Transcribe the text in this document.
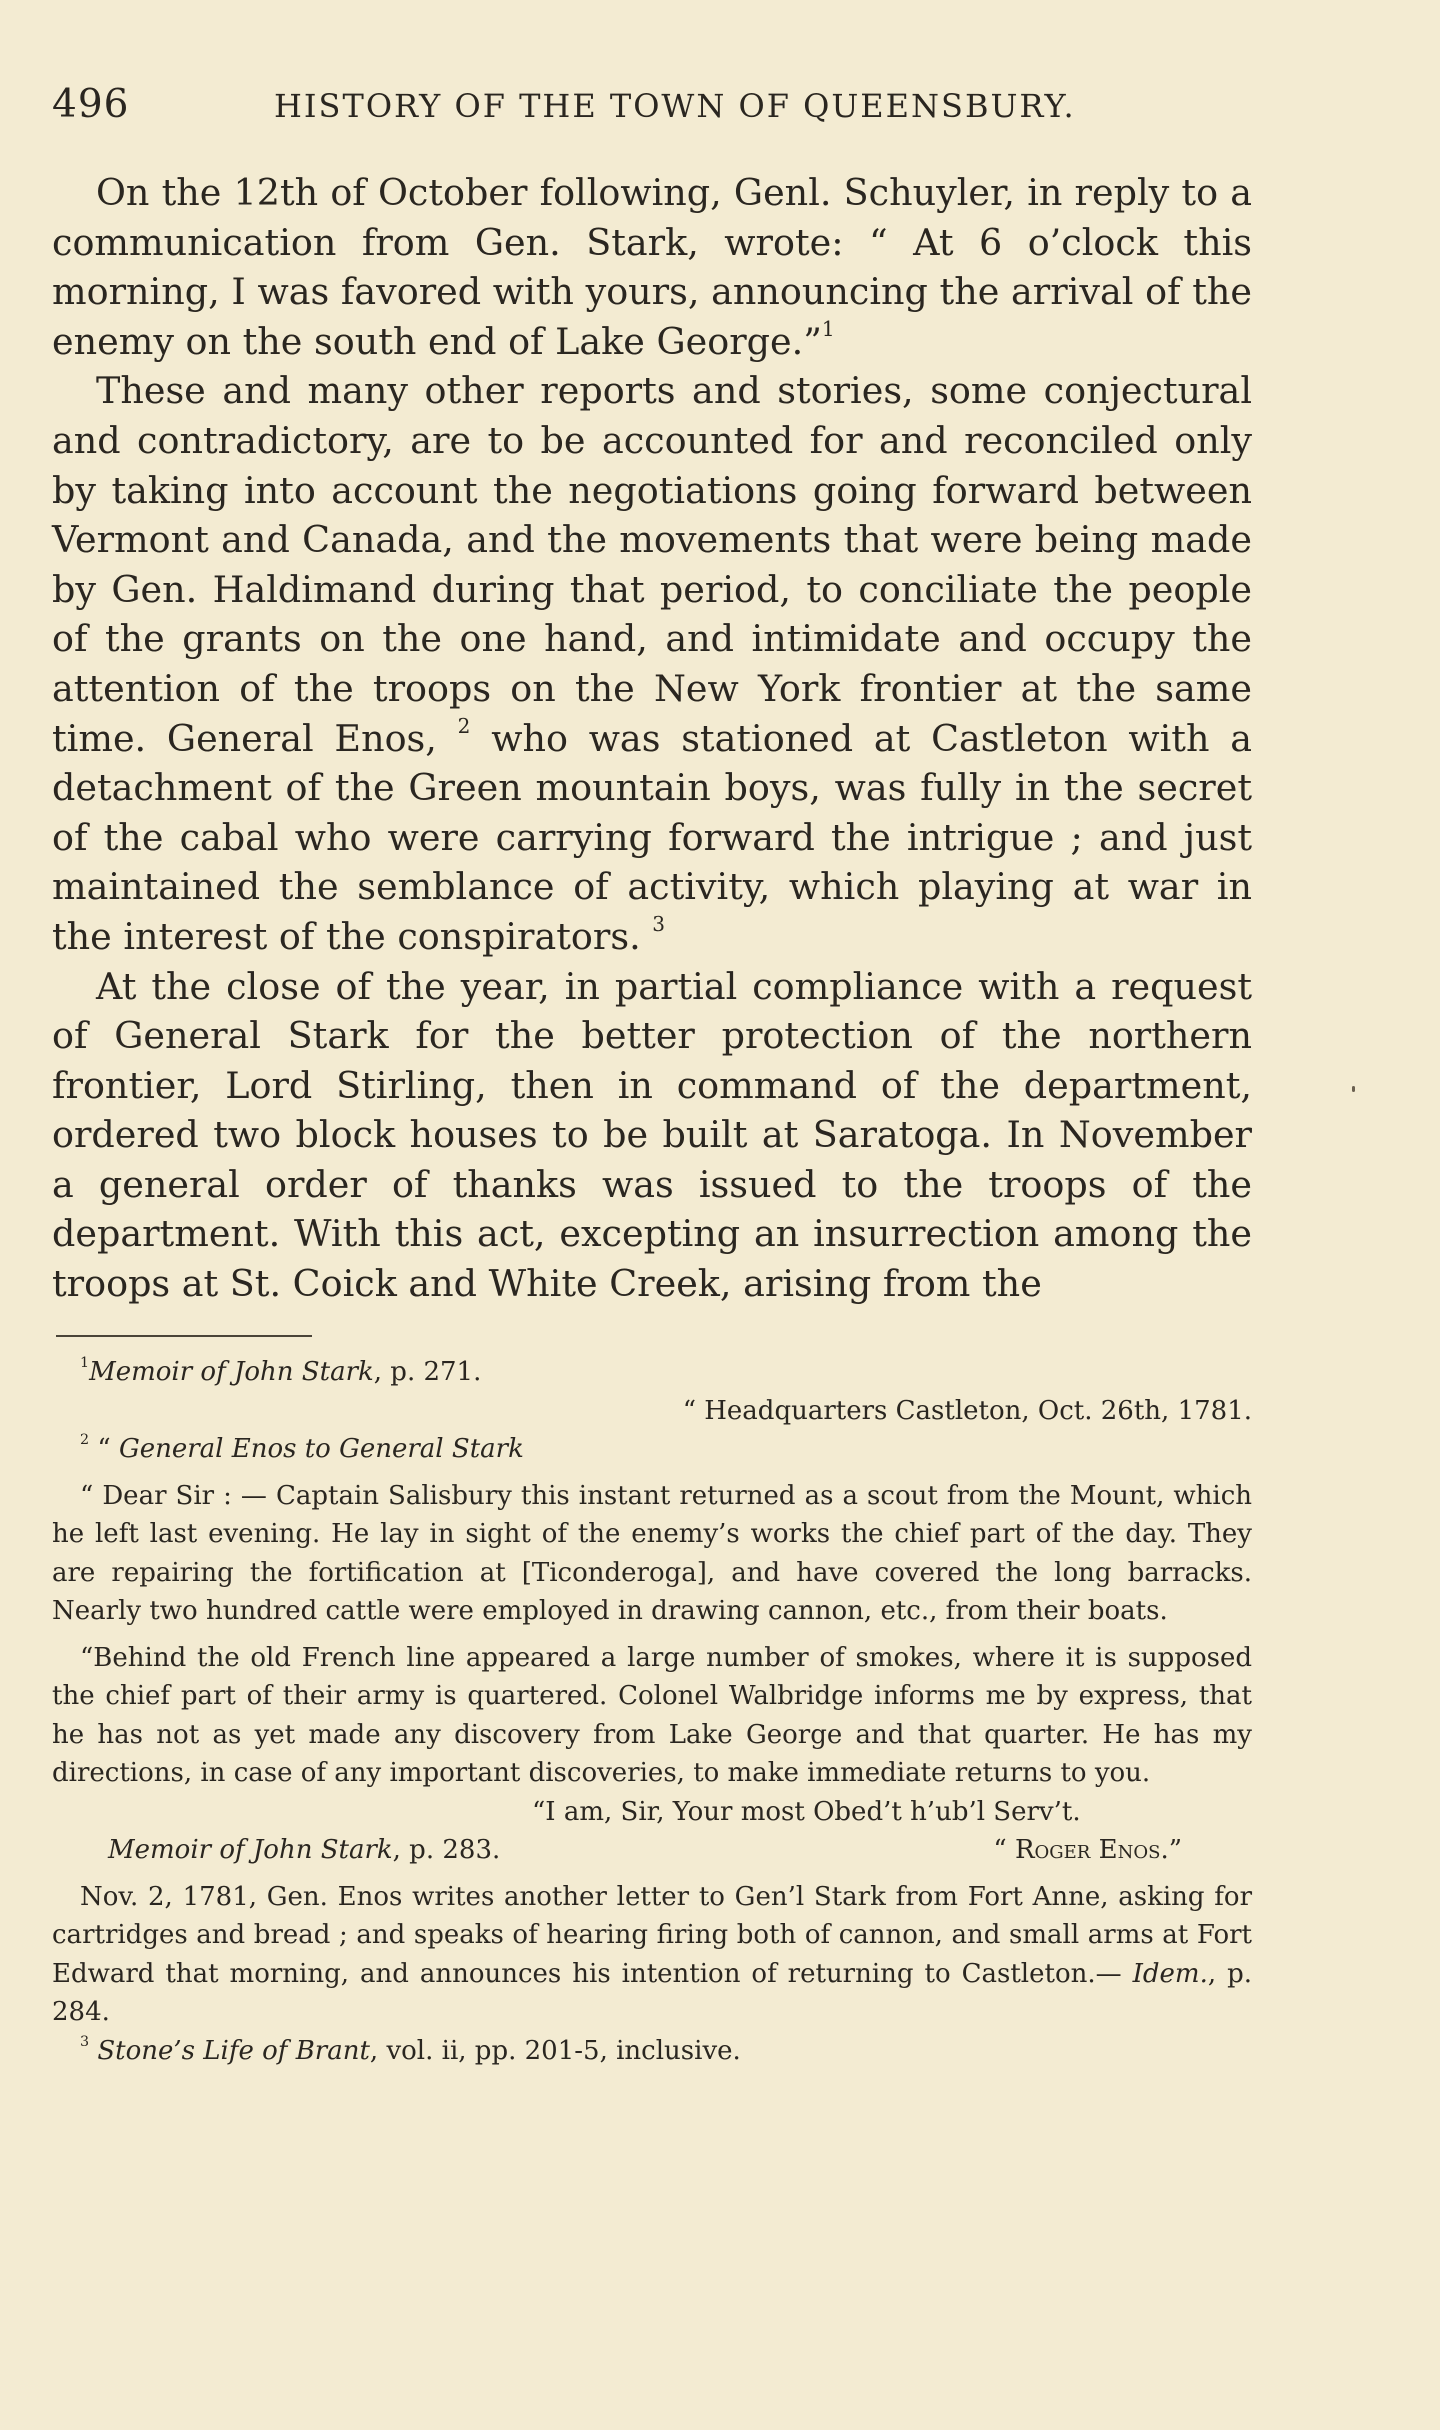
496	HISTORY OF THE TOWN OF QUEENSBURY.

On the 12th of October following, Genl. Schuyler, in reply to a communication from Gen. Stark, wrote: “ At 6 o’clock this morning, I was favored with yours, announcing the arrival of the enemy on the south end of Lake George.”$^1$

These and many other reports and stories, some conjectural and contradictory, are to be accounted for and reconciled only by taking into account the negotiations going forward between Vermont and Canada, and the movements that were being made by Gen. Haldimand during that period, to conciliate the people of the grants on the one hand, and intimidate and occupy the attention of the troops on the New York frontier at the same time. General Enos, $^2$ who was stationed at Castleton with a detachment of the Green mountain boys, was fully in the secret of the cabal who were carrying forward the intrigue ; and just maintained the semblance of activity, which playing at war in the interest of the conspirators. $^3$

At the close of the year, in partial compliance with a request of General Stark for the better protection of the northern frontier, Lord Stirling, then in command of the department, ordered two block houses to be built at Saratoga. In November a general order of thanks was issued to the troops of the department. With this act, excepting an insurrection among the troops at St. Coick and White Creek, arising from the

$^1$Memoir of John Stark, p. 271.

“ Headquarters Castleton, Oct. 26th, 1781.

$^2$ “ General Enos to General Stark

“ Dear Sir : — Captain Salisbury this instant returned as a scout from the Mount, which he left last evening. He lay in sight of the enemy’s works the chief part of the day. They are repairing the fortification at [Ticonderoga], and have covered the long barracks. Nearly two hundred cattle were employed in drawing cannon, etc., from their boats.

“Behind the old French line appeared a large number of smokes, where it is supposed the chief part of their army is quartered. Colonel Walbridge informs me by express, that he has not as yet made any discovery from Lake George and that quarter. He has my directions, in case of any important discoveries, to make immediate returns to you.

“I am, Sir, Your most Obed’t h’ub’l Serv’t.

Memoir of John Stark, p. 283.	“ Roger Enos.”

Nov. 2, 1781, Gen. Enos writes another letter to Gen’l Stark from Fort Anne, asking for cartridges and bread ; and speaks of hearing firing both of cannon, and small arms at Fort Edward that morning, and announces his intention of returning to Castleton.— Idem., p. 284.

$^3$ Stone’s Life of Brant, vol. ii, pp. 201-5, inclusive.
